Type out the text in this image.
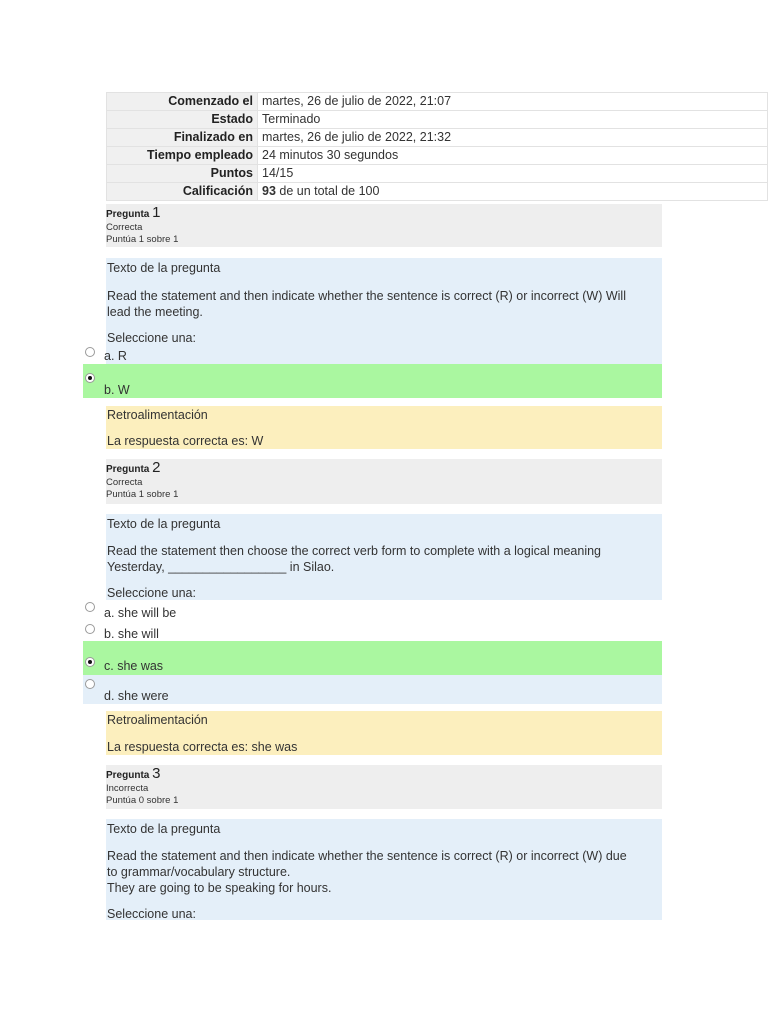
Comenzado el	martes, 26 de julio de 2022, 21:07
Estado	Terminado
Finalizado en	martes, 26 de julio de 2022, 21:32
Tiempo empleado	24 minutos 30 segundos
Puntos	14/15
Calificación	93 de un total de 100
Pregunta 1
Correcta
Puntúa 1 sobre 1

Texto de la pregunta

Read the statement and then indicate whether the sentence is correct (R) or incorrect (W) Will

lead the meeting.

Seleccione una:

a. R
b. W

Retroalimentación

La respuesta correcta es: W

Pregunta 2
Correcta
Puntúa 1 sobre 1

Texto de la pregunta

Read the statement then choose the correct verb form to complete with a logical meaning

Yesterday, _________________ in Silao.

Seleccione una:

a. she will be
b. she will
c. she was
d. she were

Retroalimentación

La respuesta correcta es: she was

Pregunta 3
Incorrecta
Puntúa 0 sobre 1

Texto de la pregunta

Read the statement and then indicate whether the sentence is correct (R) or incorrect (W) due

to grammar/vocabulary structure.

They are going to be speaking for hours.

Seleccione una:
